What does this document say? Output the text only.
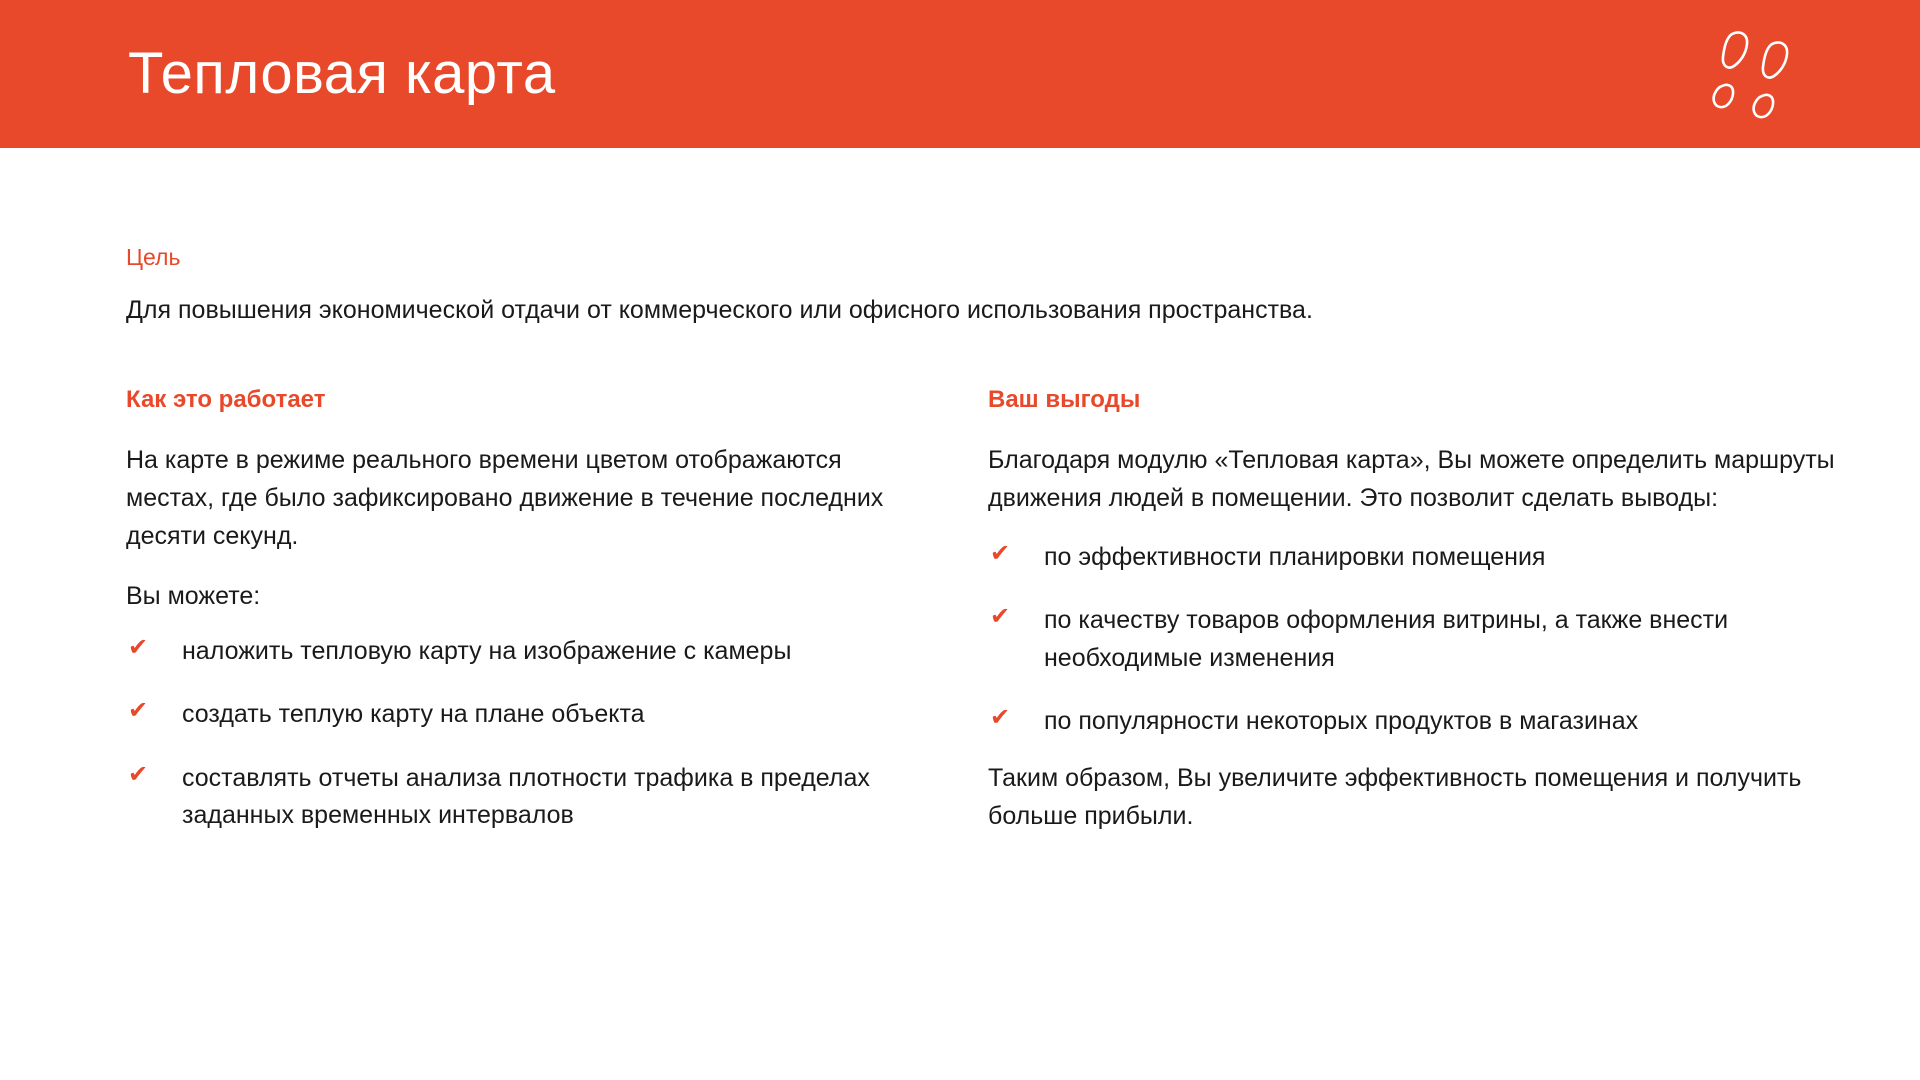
Тепловая карта

Цель

Для повышения экономической отдачи от коммерческого или офисного использования пространства.

Как это работает

На карте в режиме реального времени цветом отображаются местах, где было зафиксировано движение в течение последних десяти секунд.

Вы можете:

✔ наложить тепловую карту на изображение с камеры
✔ создать теплую карту на плане объекта
✔ составлять отчеты анализа плотности трафика в пределах заданных временных интервалов

Ваш выгоды

Благодаря модулю «Тепловая карта», Вы можете определить маршруты движения людей в помещении. Это позволит сделать выводы:

✔ по эффективности планировки помещения
✔ по качеству товаров оформления витрины, а также внести необходимые изменения
✔ по популярности некоторых продуктов в магазинах

Таким образом, Вы увеличите эффективность помещения и получить больше прибыли.
